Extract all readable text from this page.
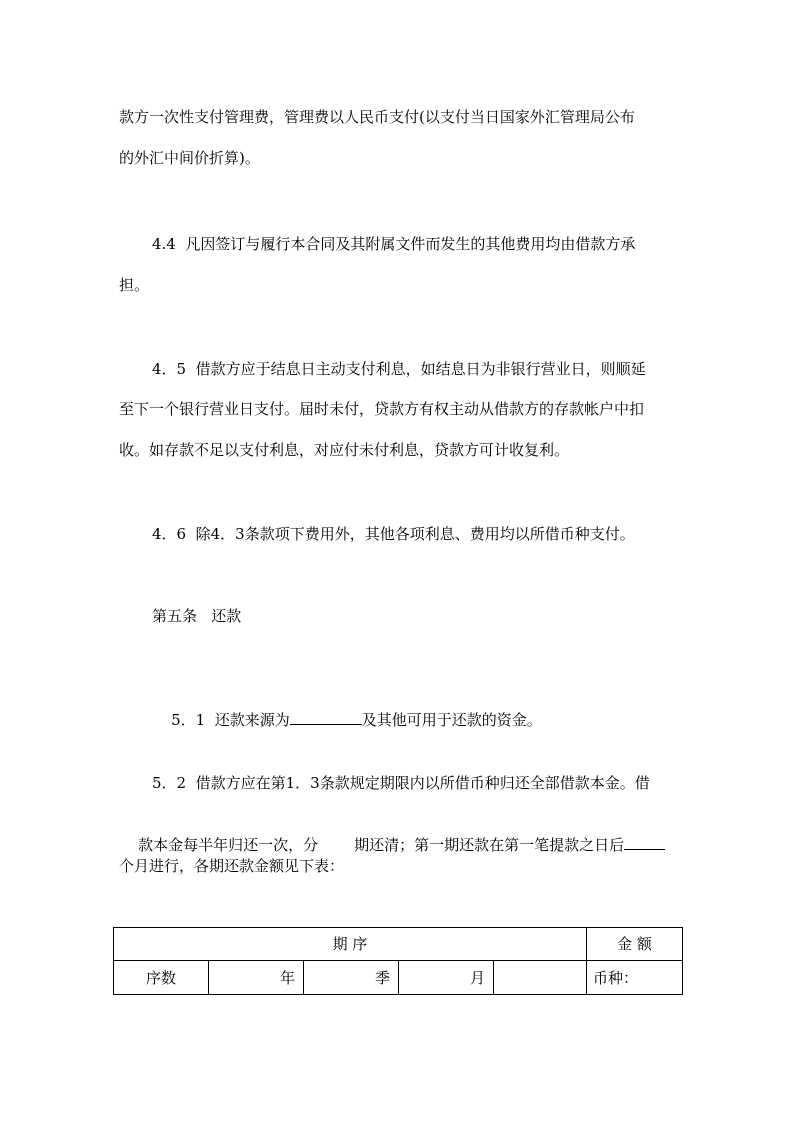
款方一次性支付管理费，管理费以人民币支付(以支付当日国家外汇管理局公布
的外汇中间价折算)。
4.4  凡因签订与履行本合同及其附属文件而发生的其他费用均由借款方承
担。
4．5  借款方应于结息日主动支付利息，如结息日为非银行营业日，则顺延
至下一个银行营业日支付。届时未付，贷款方有权主动从借款方的存款帐户中扣
收。如存款不足以支付利息，对应付未付利息，贷款方可计收复利。
4．6  除4．3条款项下费用外，其他各项利息、费用均以所借币种支付。
第五条   还款

5．1  还款来源为	及其他可用于还款的资金。

5．2  借款方应在第1．3条款规定期限内以所借币种归还全部借款本金。借

款本金每半年归还一次，分 期还清；第一期还款在第一笔提款之日后

个月进行，各期还款金额见下表：
期 序					金 额
序数	年	季	月		币种：
